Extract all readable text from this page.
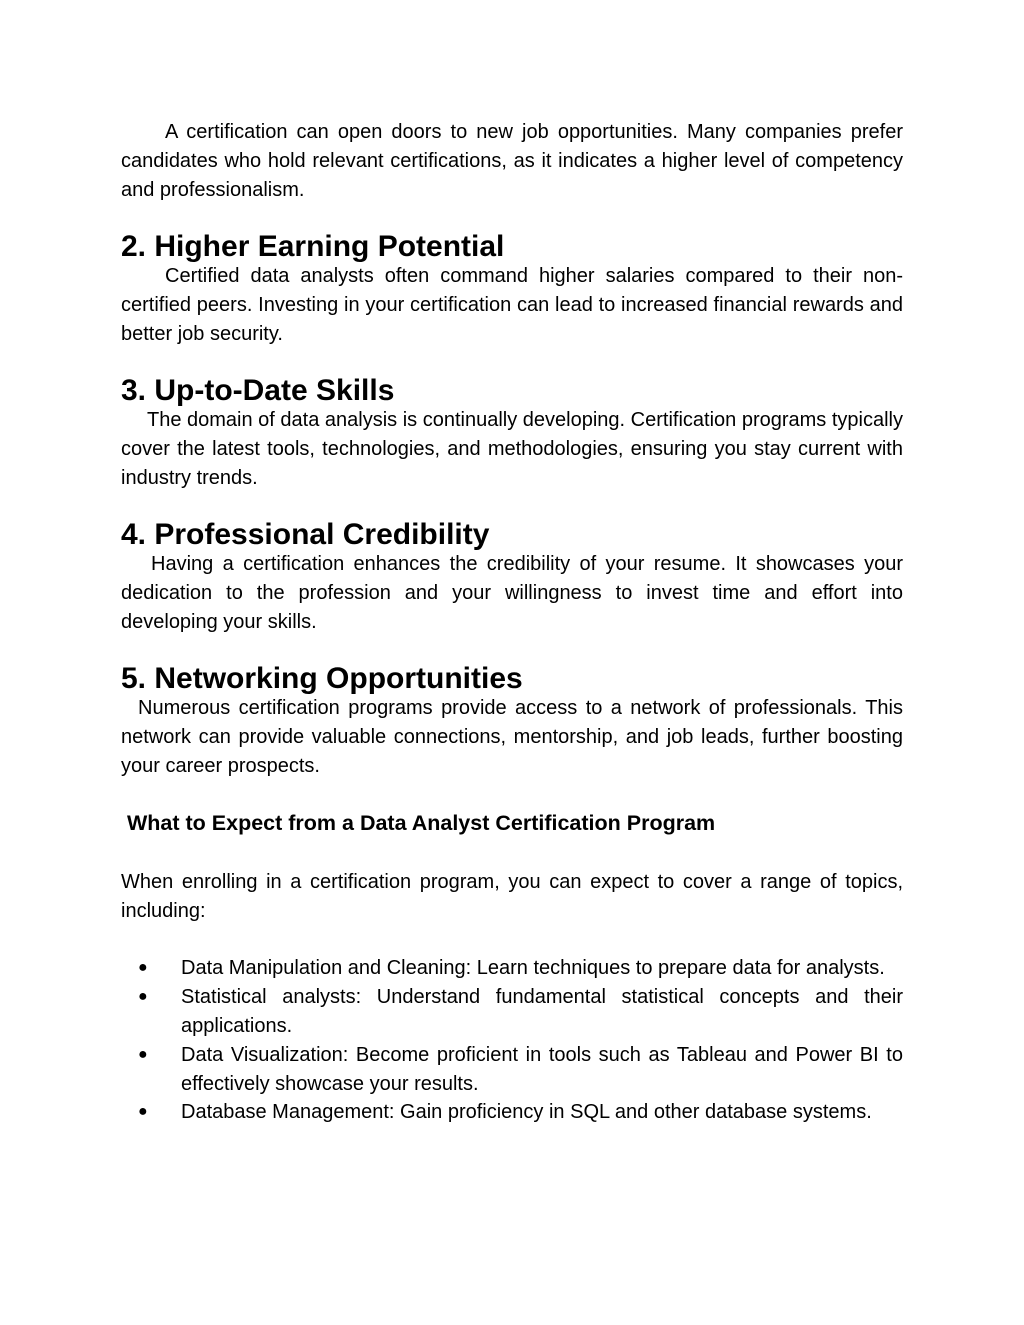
A certification can open doors to new job opportunities. Many companies prefer candidates who hold relevant certifications, as it indicates a higher level of competency and professionalism.

2. Higher Earning Potential

Certified data analysts often command higher salaries compared to their non-certified peers. Investing in your certification can lead to increased financial rewards and better job security.

3. Up-to-Date Skills

The domain of data analysis is continually developing. Certification programs typically cover the latest tools, technologies, and methodologies, ensuring you stay current with industry trends.

4. Professional Credibility

Having a certification enhances the credibility of your resume. It showcases your dedication to the profession and your willingness to invest time and effort into developing your skills.

5. Networking Opportunities

Numerous certification programs provide access to a network of professionals. This network can provide valuable connections, mentorship, and job leads, further boosting your career prospects.

What to Expect from a Data Analyst Certification Program

When enrolling in a certification program, you can expect to cover a range of topics, including:

● Data Manipulation and Cleaning: Learn techniques to prepare data for analysts.
● Statistical analysts: Understand fundamental statistical concepts and their applications.
● Data Visualization: Become proficient in tools such as Tableau and Power BI to effectively showcase your results.
● Database Management: Gain proficiency in SQL and other database systems.
